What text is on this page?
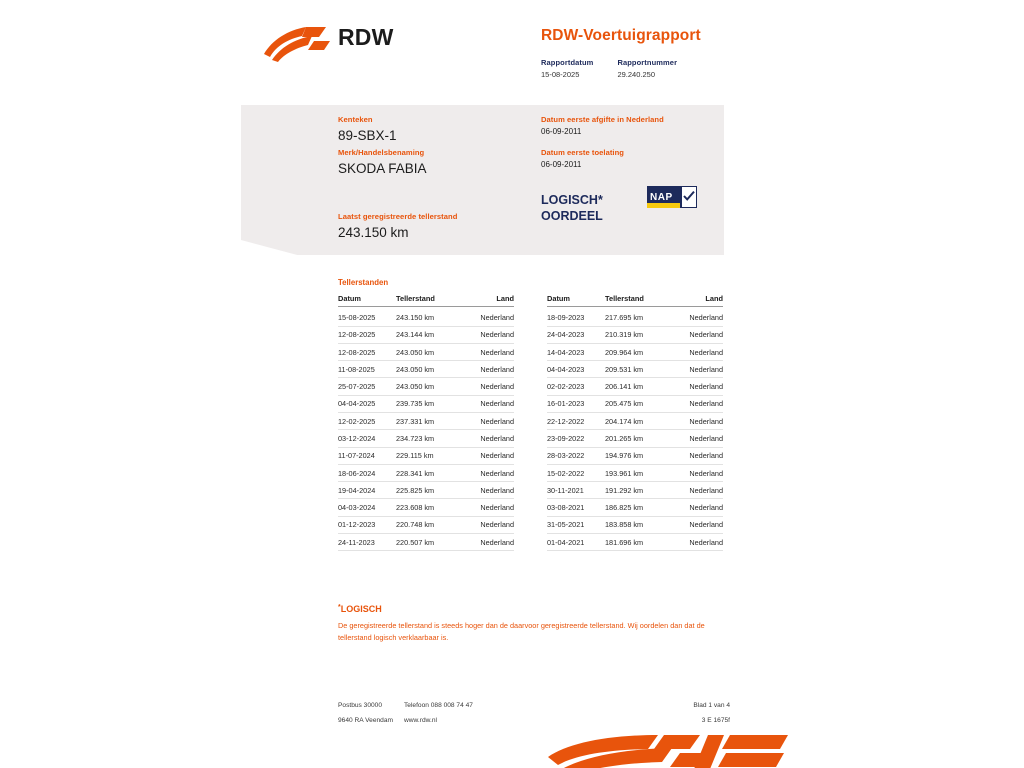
RDW	RDW-Voertuigrapport
Rapportdatum
15-08-2025
Rapportnummer
29.240.250
Kenteken
89-SBX-1
Merk/Handelsbenaming
SKODA FABIA
Laatst geregistreerde tellerstand
243.150 km
Datum eerste afgifte in Nederland
06-09-2011
Datum eerste toelating
06-09-2011
LOGISCH*
OORDEEL
NAP
Tellerstanden
Datum	Tellerstand	Land
15-08-2025	243.150 km	Nederland
12-08-2025	243.144 km	Nederland
12-08-2025	243.050 km	Nederland
11-08-2025	243.050 km	Nederland
25-07-2025	243.050 km	Nederland
04-04-2025	239.735 km	Nederland
12-02-2025	237.331 km	Nederland
03-12-2024	234.723 km	Nederland
11-07-2024	229.115 km	Nederland
18-06-2024	228.341 km	Nederland
19-04-2024	225.825 km	Nederland
04-03-2024	223.608 km	Nederland
01-12-2023	220.748 km	Nederland
24-11-2023	220.507 km	Nederland
Datum	Tellerstand	Land
18-09-2023	217.695 km	Nederland
24-04-2023	210.319 km	Nederland
14-04-2023	209.964 km	Nederland
04-04-2023	209.531 km	Nederland
02-02-2023	206.141 km	Nederland
16-01-2023	205.475 km	Nederland
22-12-2022	204.174 km	Nederland
23-09-2022	201.265 km	Nederland
28-03-2022	194.976 km	Nederland
15-02-2022	193.961 km	Nederland
30-11-2021	191.292 km	Nederland
03-08-2021	186.825 km	Nederland
31-05-2021	183.858 km	Nederland
01-04-2021	181.696 km	Nederland
*LOGISCH
De geregistreerde tellerstand is steeds hoger dan de daarvoor geregistreerde tellerstand. Wij oordelen dan dat de tellerstand logisch verklaarbaar is.
Postbus 30000	Telefoon 088 008 74 47	Blad 1 van 4
9640 RA Veendam	www.rdw.nl	3 E 1675f
